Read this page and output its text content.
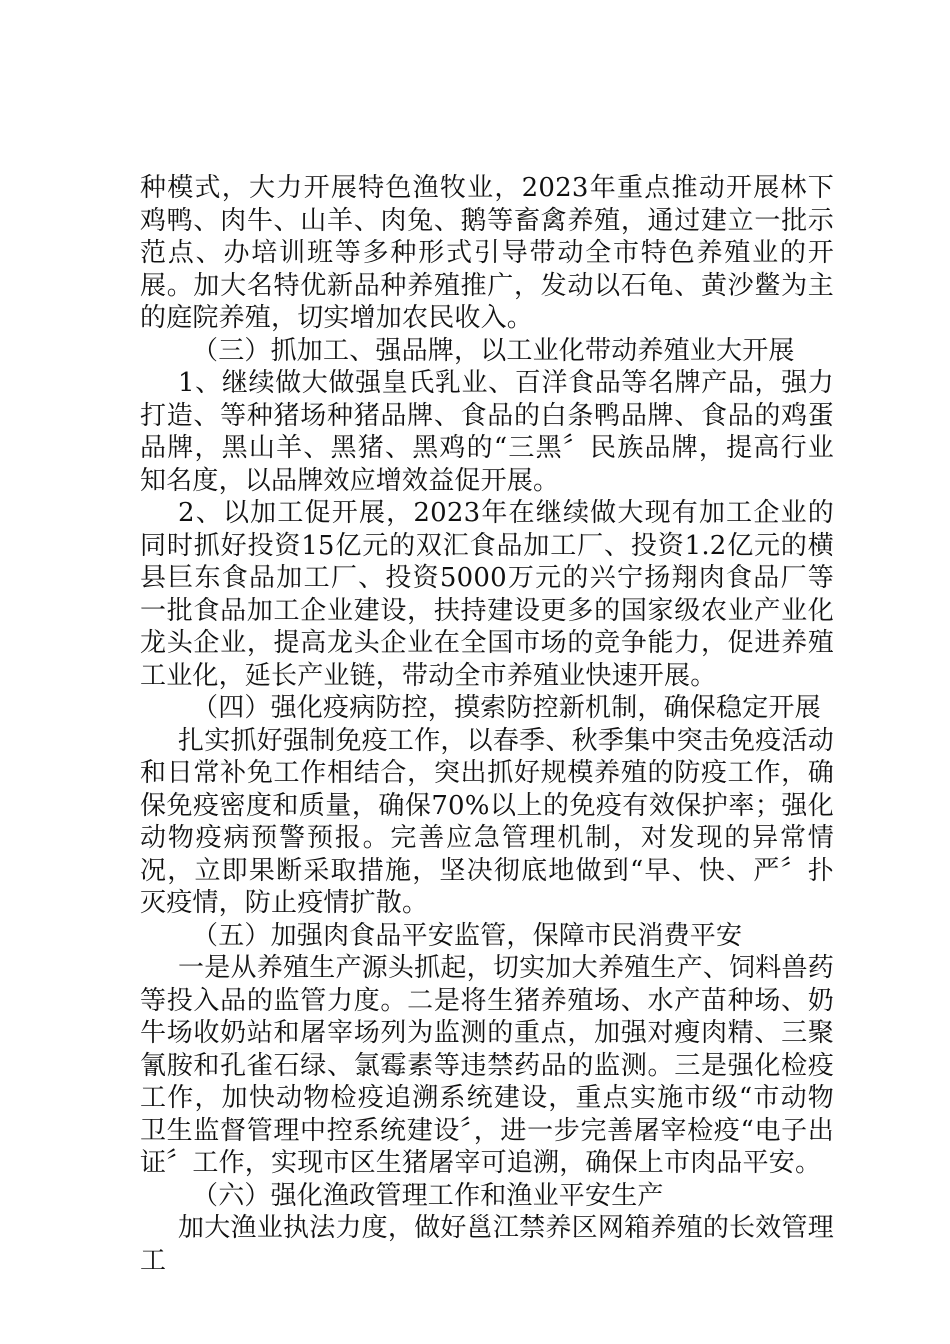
种模式，大力开展特色渔牧业，2023年重点推动开展林下鸡鸭、肉牛、山羊、肉兔、鹅等畜禽养殖，通过建立一批示范点、办培训班等多种形式引导带动全市特色养殖业的开展。加大名特优新品种养殖推广，发动以石龟、黄沙鳖为主的庭院养殖，切实增加农民收入。

（三）抓加工、强品牌，以工业化带动养殖业大开展

1、继续做大做强皇氏乳业、百洋食品等名牌产品，强力打造、等种猪场种猪品牌、食品的白条鸭品牌、食品的鸡蛋品牌，黑山羊、黑猪、黑鸡的“三黑〞民族品牌，提高行业知名度，以品牌效应增效益促开展。

2、以加工促开展，2023年在继续做大现有加工企业的同时抓好投资15亿元的双汇食品加工厂、投资1.2亿元的横县巨东食品加工厂、投资5000万元的兴宁扬翔肉食品厂等一批食品加工企业建设，扶持建设更多的国家级农业产业化龙头企业，提高龙头企业在全国市场的竞争能力，促进养殖工业化，延长产业链，带动全市养殖业快速开展。

（四）强化疫病防控，摸索防控新机制，确保稳定开展

扎实抓好强制免疫工作，以春季、秋季集中突击免疫活动和日常补免工作相结合，突出抓好规模养殖的防疫工作，确保免疫密度和质量，确保70%以上的免疫有效保护率；强化动物疫病预警预报。完善应急管理机制，对发现的异常情况，立即果断采取措施，坚决彻底地做到“早、快、严〞扑灭疫情，防止疫情扩散。

（五）加强肉食品平安监管，保障市民消费平安

一是从养殖生产源头抓起，切实加大养殖生产、饲料兽药等投入品的监管力度。二是将生猪养殖场、水产苗种场、奶牛场收奶站和屠宰场列为监测的重点，加强对瘦肉精、三聚氰胺和孔雀石绿、氯霉素等违禁药品的监测。三是强化检疫工作，加快动物检疫追溯系统建设，重点实施市级“市动物卫生监督管理中控系统建设〞，进一步完善屠宰检疫“电子出证〞工作，实现市区生猪屠宰可追溯，确保上市肉品平安。

（六）强化渔政管理工作和渔业平安生产

加大渔业执法力度，做好邕江禁养区网箱养殖的长效管理工
